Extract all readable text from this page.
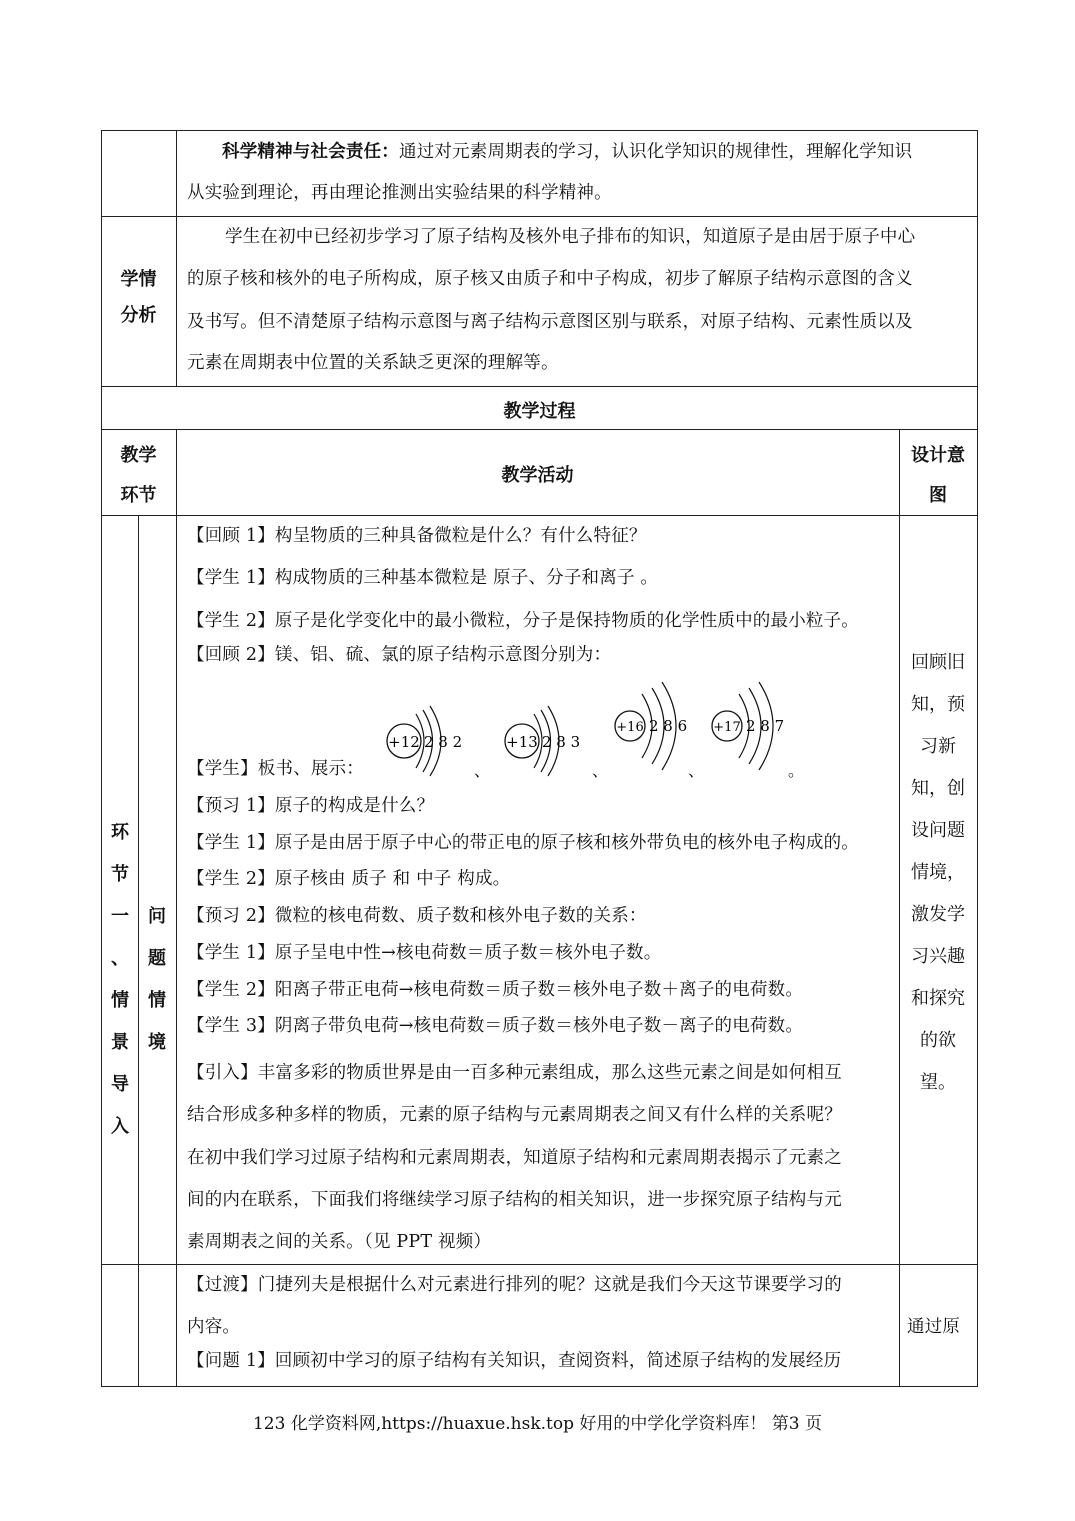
科学精神与社会责任：通过对元素周期表的学习，认识化学知识的规律性，理解化学知识
从实验到理论，再由理论推测出实验结果的科学精神。
学情
分析
学生在初中已经初步学习了原子结构及核外电子排布的知识，知道原子是由居于原子中心
的原子核和核外的电子所构成，原子核又由质子和中子构成，初步了解原子结构示意图的含义
及书写。但不清楚原子结构示意图与离子结构示意图区别与联系，对原子结构、元素性质以及
元素在周期表中位置的关系缺乏更深的理解等。
教学过程
教学
环节
教学活动
设计意
图
环
节
一
、
情
景
导
入
问
题
情
境
【回顾 1】构呈物质的三种具备微粒是什么？有什么特征？
【学生 1】构成物质的三种基本微粒是 原子、分子和离子 。
【学生 2】原子是化学变化中的最小微粒，分子是保持物质的化学性质中的最小粒子。
【回顾 2】镁、铝、硫、氯的原子结构示意图分别为：
【学生】板书、展示：
+12 2 8 2
、
+13 2 8 3
、
+16 2 8 6
、
+17 2 8 7
。
【预习 1】原子的构成是什么？
【学生 1】原子是由居于原子中心的带正电的原子核和核外带负电的核外电子构成的。
【学生 2】原子核由 质子 和 中子 构成。
【预习 2】微粒的核电荷数、质子数和核外电子数的关系：
【学生 1】原子呈电中性→核电荷数＝质子数＝核外电子数。
【学生 2】阳离子带正电荷→核电荷数＝质子数＝核外电子数＋离子的电荷数。
【学生 3】阴离子带负电荷→核电荷数＝质子数＝核外电子数－离子的电荷数。
【引入】丰富多彩的物质世界是由一百多种元素组成，那么这些元素之间是如何相互
结合形成多种多样的物质，元素的原子结构与元素周期表之间又有什么样的关系呢？
在初中我们学习过原子结构和元素周期表，知道原子结构和元素周期表揭示了元素之
间的内在联系，下面我们将继续学习原子结构的相关知识，进一步探究原子结构与元
素周期表之间的关系。（见 PPT 视频）
回顾旧
知，预
习新
知，创
设问题
情境，
激发学
习兴趣
和探究
的欲
望。
【过渡】门捷列夫是根据什么对元素进行排列的呢？这就是我们今天这节课要学习的
内容。
【问题 1】回顾初中学习的原子结构有关知识，查阅资料，简述原子结构的发展经历
通过原
123 化学资料网,https://huaxue.hsk.top 好用的中学化学资料库！ 第3 页
